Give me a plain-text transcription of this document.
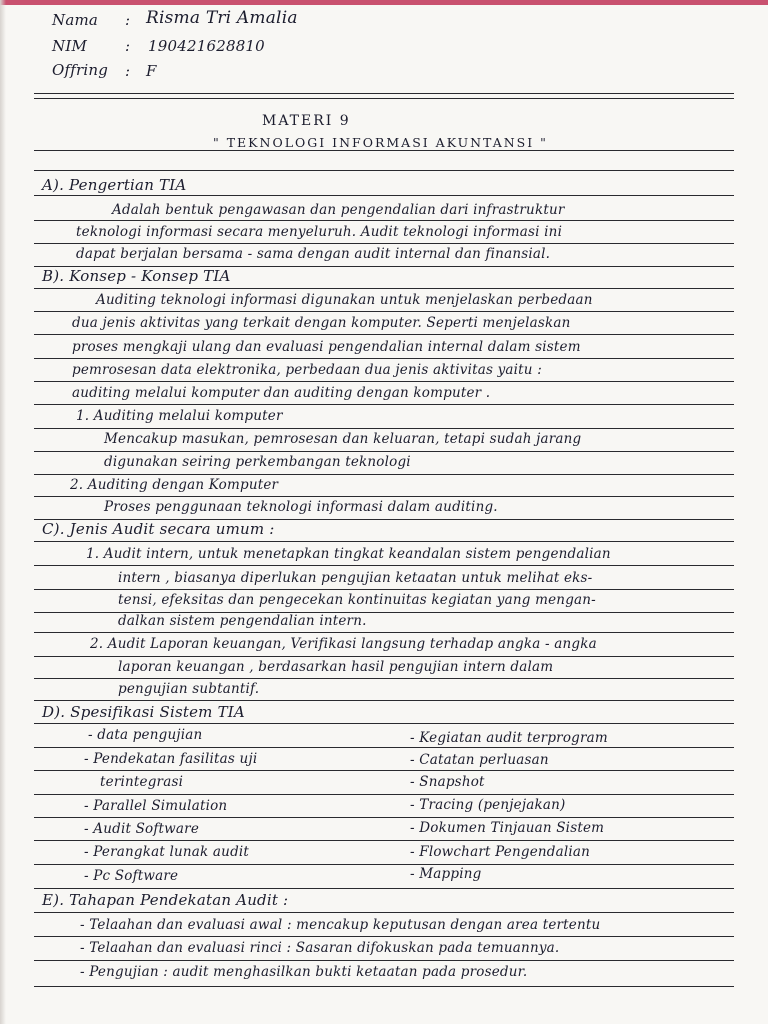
Nama : Risma Tri Amalia
NIM	: 190421628810
Offring : F
MATERI 9
" TEKNOLOGI INFORMASI AKUNTANSI "
A). Pengertian TIA
Adalah bentuk pengawasan dan pengendalian dari infrastruktur
teknologi informasi secara menyeluruh. Audit teknologi informasi ini
dapat berjalan bersama - sama dengan audit internal dan finansial.
B). Konsep - Konsep TIA
Auditing teknologi informasi digunakan untuk menjelaskan perbedaan
dua jenis aktivitas yang terkait dengan komputer. Seperti menjelaskan
proses mengkaji ulang dan evaluasi pengendalian internal dalam sistem
pemrosesan data elektronika, perbedaan dua jenis aktivitas yaitu :
auditing melalui komputer dan auditing dengan komputer .
1. Auditing melalui komputer
Mencakup masukan, pemrosesan dan keluaran, tetapi sudah jarang
digunakan seiring perkembangan teknologi
2. Auditing dengan Komputer
Proses penggunaan teknologi informasi dalam auditing.
C). Jenis Audit secara umum :
1. Audit intern, untuk menetapkan tingkat keandalan sistem pengendalian
intern , biasanya diperlukan pengujian ketaatan untuk melihat eks-
tensi, efeksitas dan pengecekan kontinuitas kegiatan yang mengan-
dalkan sistem pengendalian intern.
2. Audit Laporan keuangan, Verifikasi langsung terhadap angka - angka
laporan keuangan , berdasarkan hasil pengujian intern dalam
pengujian subtantif.
D). Spesifikasi Sistem TIA
- data pengujian	- Kegiatan audit terprogram
- Pendekatan fasilitas uji	- Catatan perluasan
terintegrasi	- Snapshot
- Parallel Simulation	- Tracing (penjejakan)
- Audit Software	- Dokumen Tinjauan Sistem
- Perangkat lunak audit	- Flowchart Pengendalian
- Pc Software	- Mapping
E). Tahapan Pendekatan Audit :
- Telaahan dan evaluasi awal : mencakup keputusan dengan area tertentu
- Telaahan dan evaluasi rinci : Sasaran difokuskan pada temuannya.
- Pengujian : audit menghasilkan bukti ketaatan pada prosedur.
